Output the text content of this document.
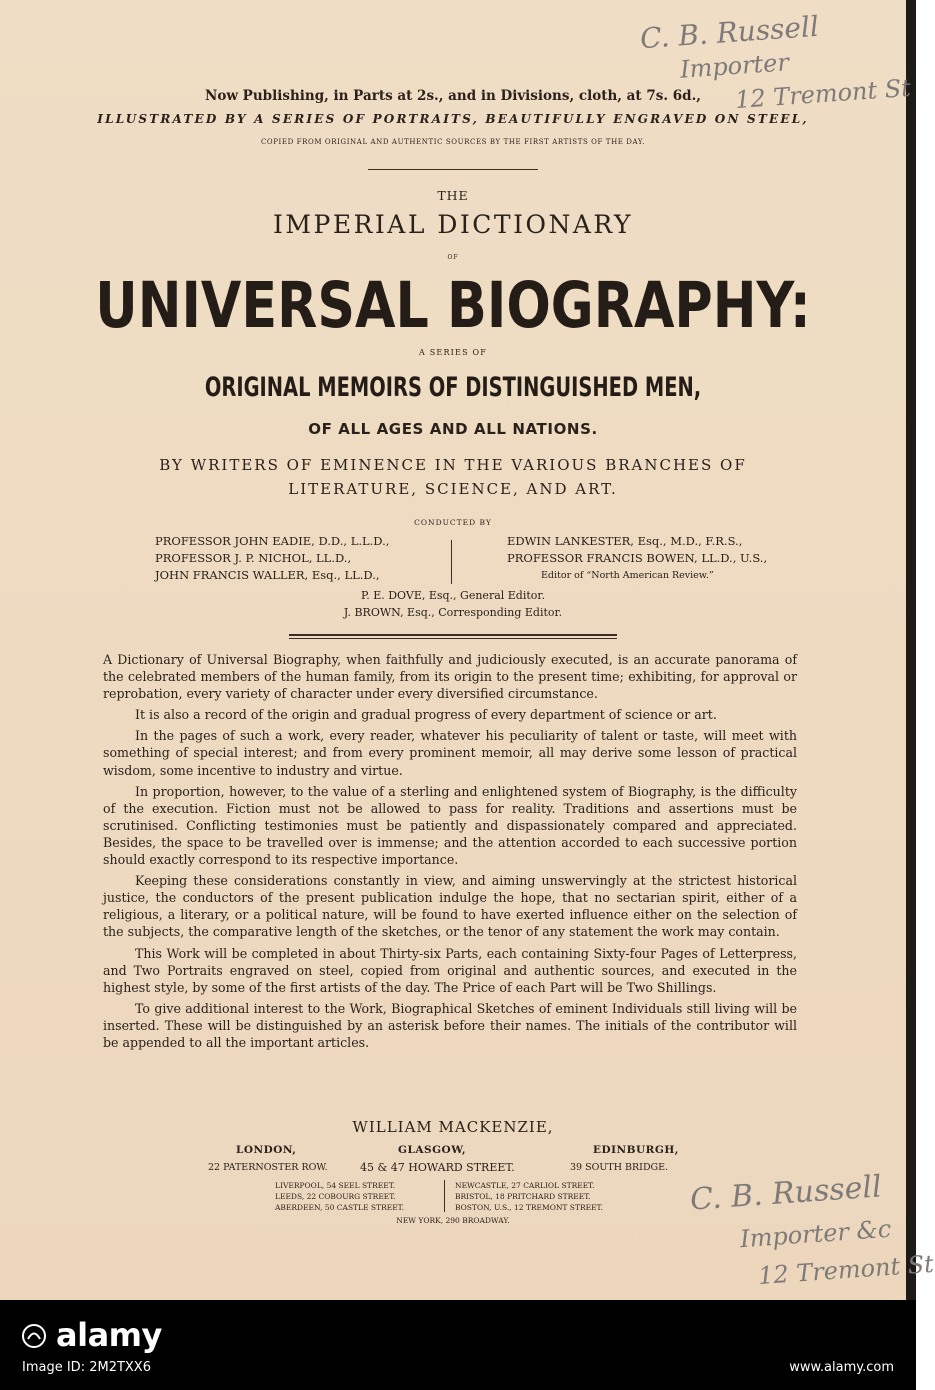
C. B. Russell
Importer
12 Tremont St
Now Publishing, in Parts at 2s., and in Divisions, cloth, at 7s. 6d.,
ILLUSTRATED BY A SERIES OF PORTRAITS, BEAUTIFULLY ENGRAVED ON STEEL,
COPIED FROM ORIGINAL AND AUTHENTIC SOURCES BY THE FIRST ARTISTS OF THE DAY.
THE
IMPERIAL DICTIONARY
OF
UNIVERSAL BIOGRAPHY:
A SERIES OF
ORIGINAL MEMOIRS OF DISTINGUISHED MEN,
OF ALL AGES AND ALL NATIONS.
BY WRITERS OF EMINENCE IN THE VARIOUS BRANCHES OF
LITERATURE, SCIENCE, AND ART.
CONDUCTED BY
PROFESSOR JOHN EADIE, D.D., L.L.D.,
PROFESSOR J. P. NICHOL, LL.D.,
JOHN FRANCIS WALLER, Esq., LL.D.,
EDWIN LANKESTER, Esq., M.D., F.R.S.,
PROFESSOR FRANCIS BOWEN, LL.D., U.S.,
Editor of “North American Review.”
P. E. DOVE, Esq., General Editor.
J. BROWN, Esq., Corresponding Editor.

A Dictionary of Universal Biography, when faithfully and judiciously executed, is an accurate panorama of the celebrated members of the human family, from its origin to the present time; exhibiting, for approval or reprobation, every variety of character under every diversified circumstance.

It is also a record of the origin and gradual progress of every department of science or art.

In the pages of such a work, every reader, whatever his peculiarity of talent or taste, will meet with something of special interest; and from every prominent memoir, all may derive some lesson of practical wisdom, some incentive to industry and virtue.

In proportion, however, to the value of a sterling and enlightened system of Biography, is the difficulty of the execution. Fiction must not be allowed to pass for reality. Traditions and assertions must be scrutinised. Conflicting testimonies must be patiently and dispassionately compared and appreciated. Besides, the space to be travelled over is immense; and the attention accorded to each successive portion should exactly correspond to its respective importance.

Keeping these considerations constantly in view, and aiming unswervingly at the strictest historical justice, the conductors of the present publication indulge the hope, that no sectarian spirit, either of a religious, a literary, or a political nature, will be found to have exerted influence either on the selection of the subjects, the comparative length of the sketches, or the tenor of any statement the work may contain.

This Work will be completed in about Thirty-six Parts, each containing Sixty-four Pages of Letterpress, and Two Portraits engraved on steel, copied from original and authentic sources, and executed in the highest style, by some of the first artists of the day. The Price of each Part will be Two Shillings.

To give additional interest to the Work, Biographical Sketches of eminent Individuals still living will be inserted. These will be distinguished by an asterisk before their names. The initials of the contributor will be appended to all the important articles.

WILLIAM MACKENZIE,
LONDON,
22 PATERNOSTER ROW.
GLASGOW,
45 & 47 HOWARD STREET.
EDINBURGH,
39 SOUTH BRIDGE.
LIVERPOOL, 54 SEEL STREET.
LEEDS, 22 COBOURG STREET.
ABERDEEN, 50 CASTLE STREET.
NEWCASTLE, 27 CARLIOL STREET.
BRISTOL, 18 PRITCHARD STREET.
BOSTON, U.S., 12 TREMONT STREET.
NEW YORK, 290 BROADWAY.
C. B. Russell
Importer &c
12 Tremont St
alamy
Image ID: 2M2TXX6	www.alamy.com
